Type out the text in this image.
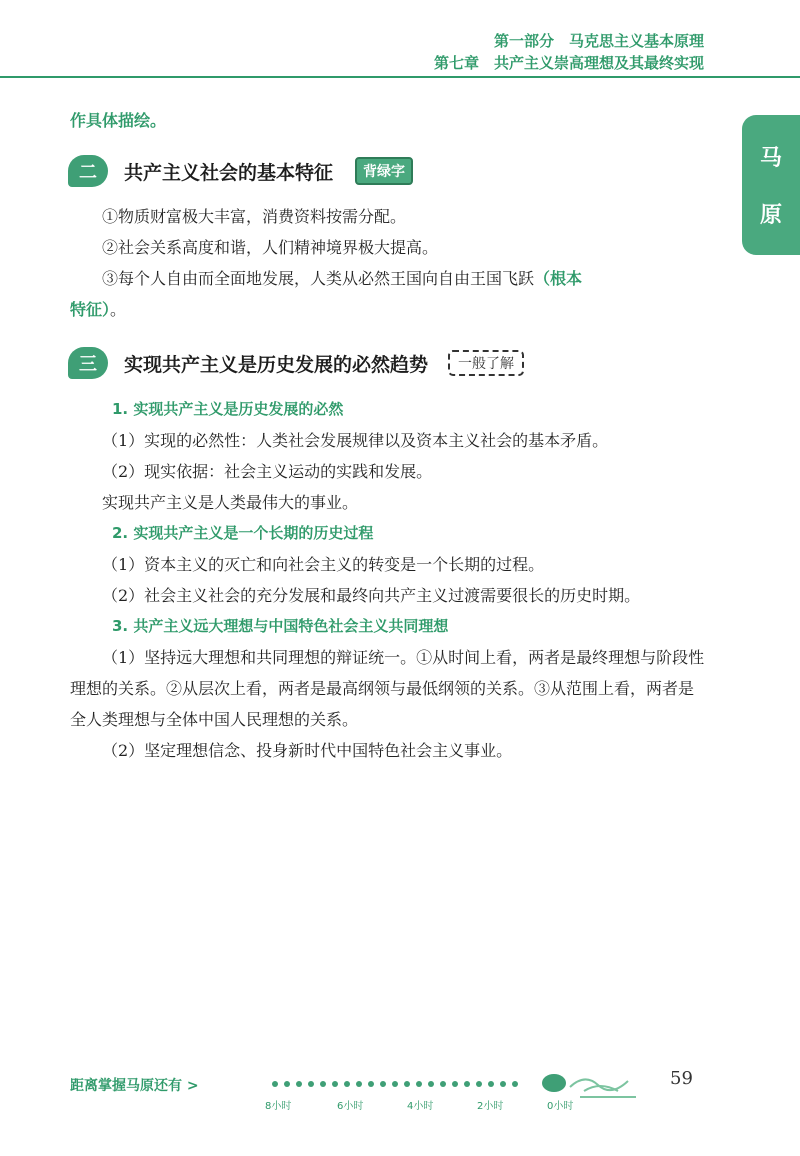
第一部分　马克思主义基本原理
第七章　共产主义崇高理想及其最终实现
马
原
作具体描绘。
二	共产主义社会的基本特征	背绿字

①物质财富极大丰富，消费资料按需分配。

②社会关系高度和谐，人们精神境界极大提高。

③每个人自由而全面地发展，人类从必然王国向自由王国飞跃（根本

特征）。

三	实现共产主义是历史发展的必然趋势	一般了解

1. 实现共产主义是历史发展的必然

（1）实现的必然性：人类社会发展规律以及资本主义社会的基本矛盾。

（2）现实依据：社会主义运动的实践和发展。

实现共产主义是人类最伟大的事业。

2. 实现共产主义是一个长期的历史过程

（1）资本主义的灭亡和向社会主义的转变是一个长期的过程。

（2）社会主义社会的充分发展和最终向共产主义过渡需要很长的历史时期。

3. 共产主义远大理想与中国特色社会主义共同理想

（1）坚持远大理想和共同理想的辩证统一。①从时间上看，两者是最终理想与阶段性理想的关系。②从层次上看，两者是最高纲领与最低纲领的关系。③从范围上看，两者是全人类理想与全体中国人民理想的关系。

（2）坚定理想信念、投身新时代中国特色社会主义事业。

距离掌握马原还有 >
8小时	6小时	4小时	2小时	0小时
59
